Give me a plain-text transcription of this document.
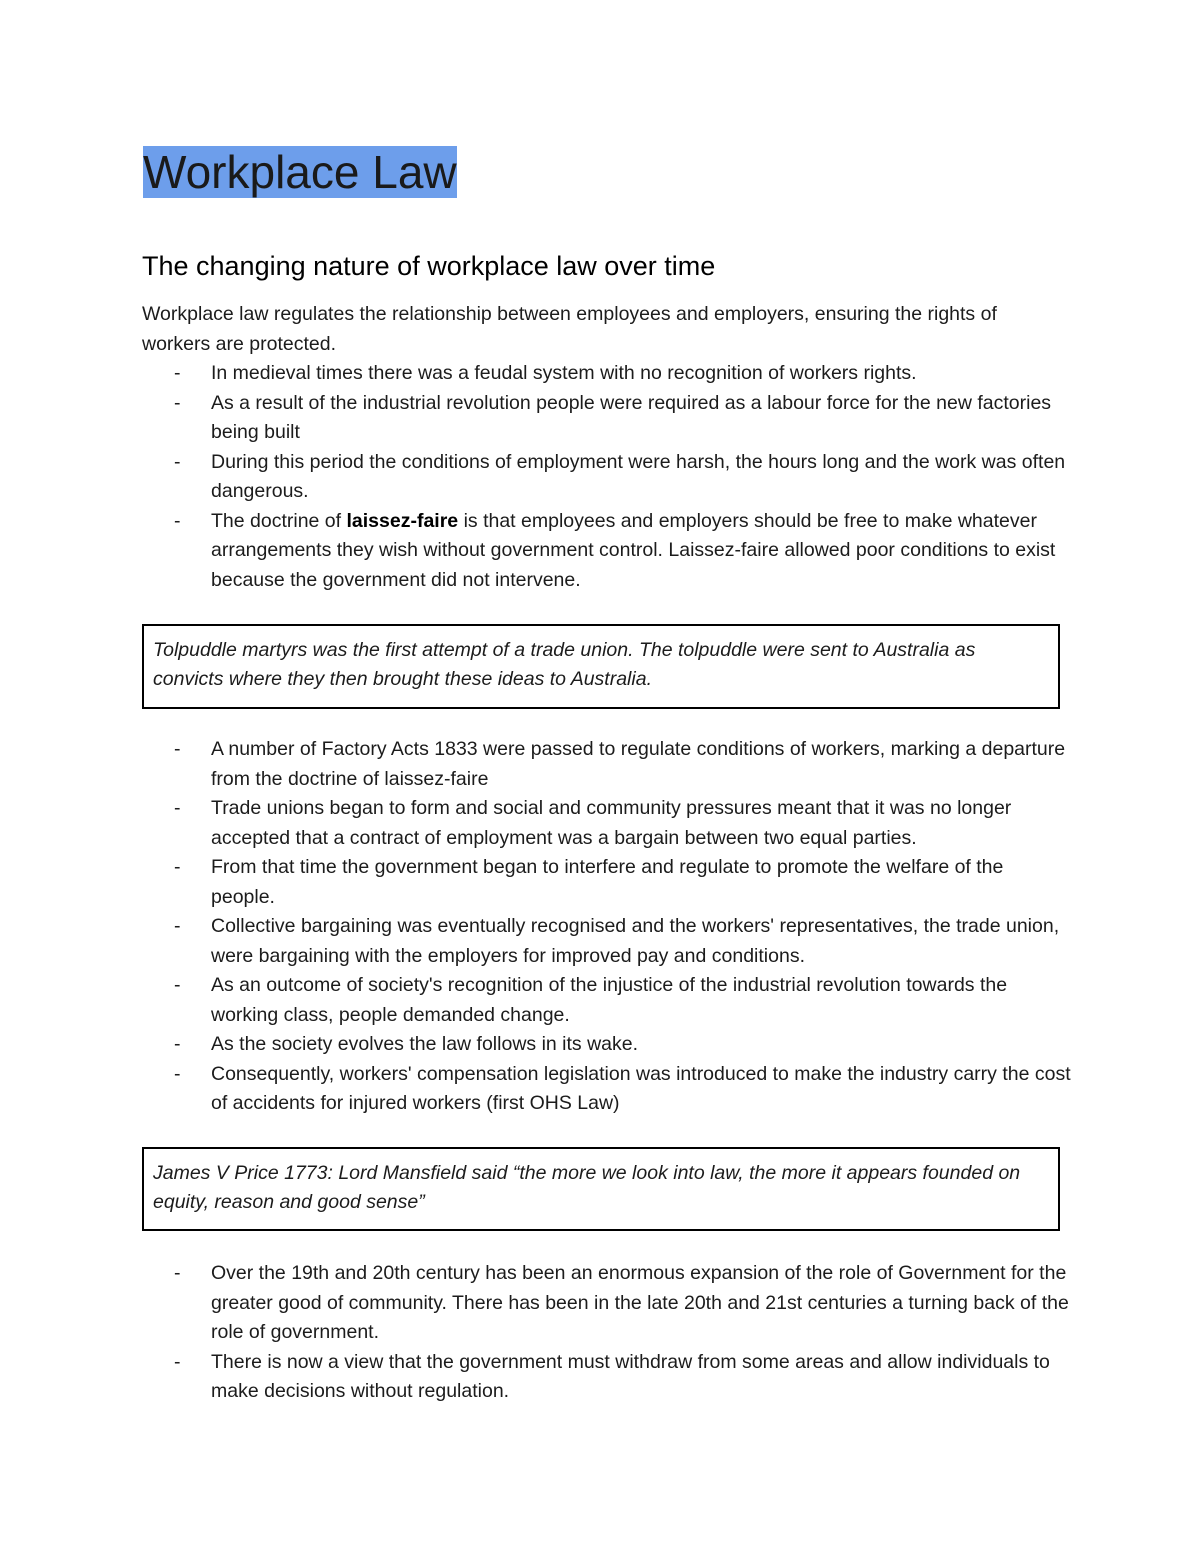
Workplace Law
The changing nature of workplace law over time

Workplace law regulates the relationship between employees and employers, ensuring the rights of workers are protected.

-	In medieval times there was a feudal system with no recognition of workers rights.
-	As a result of the industrial revolution people were required as a labour force for the new factories being built
-	During this period the conditions of employment were harsh, the hours long and the work was often dangerous.
-	The doctrine of laissez-faire is that employees and employers should be free to make whatever arrangements they wish without government control. Laissez-faire allowed poor conditions to exist because the government did not intervene.
Tolpuddle martyrs was the first attempt of a trade union. The tolpuddle were sent to Australia as convicts where they then brought these ideas to Australia.
-	A number of Factory Acts 1833 were passed to regulate conditions of workers, marking a departure from the doctrine of laissez-faire
-	Trade unions began to form and social and community pressures meant that it was no longer accepted that a contract of employment was a bargain between two equal parties.
-	From that time the government began to interfere and regulate to promote the welfare of the people.
-	Collective bargaining was eventually recognised and the workers' representatives, the trade union, were bargaining with the employers for improved pay and conditions.
-	As an outcome of society's recognition of the injustice of the industrial revolution towards the working class, people demanded change.
-	As the society evolves the law follows in its wake.
-	Consequently, workers' compensation legislation was introduced to make the industry carry the cost of accidents for injured workers (first OHS Law)
James V Price 1773: Lord Mansfield said “the more we look into law, the more it appears founded on equity, reason and good sense”
-	Over the 19th and 20th century has been an enormous expansion of the role of Government for the greater good of community. There has been in the late 20th and 21st centuries a turning back of the role of government.
-	There is now a view that the government must withdraw from some areas and allow individuals to make decisions without regulation.
